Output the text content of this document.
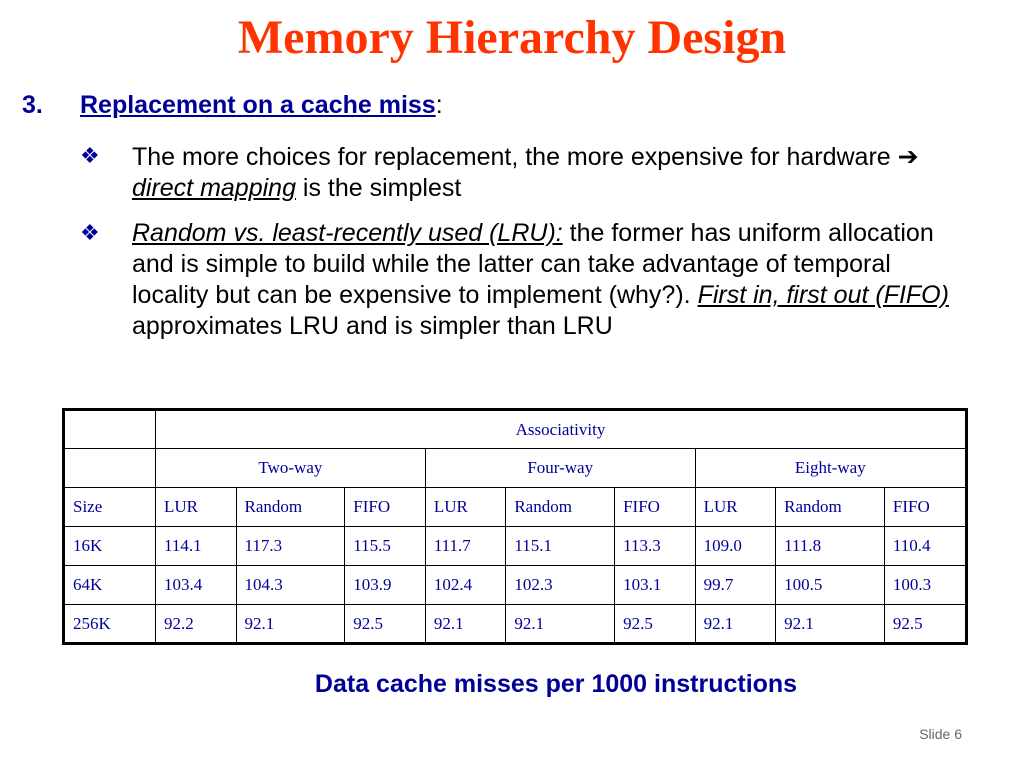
Memory Hierarchy Design
3.	Replacement on a cache miss:
❖ The more choices for replacement, the more expensive for hardware ➔ direct mapping is the simplest
❖ Random vs. least-recently used (LRU): the former has uniform allocation and is simple to build while the latter can take advantage of temporal locality but can be expensive to implement (why?). First in, first out (FIFO) approximates LRU and is simpler than LRU
	Associativity								
	Two-way			Four-way			Eight-way		
Size	LUR	Random	FIFO	LUR	Random	FIFO	LUR	Random	FIFO
16K	114.1	117.3	115.5	111.7	115.1	113.3	109.0	111.8	110.4
64K	103.4	104.3	103.9	102.4	102.3	103.1	99.7	100.5	100.3
256K	92.2	92.1	92.5	92.1	92.1	92.5	92.1	92.1	92.5
Data cache misses per 1000 instructions
Slide 6
